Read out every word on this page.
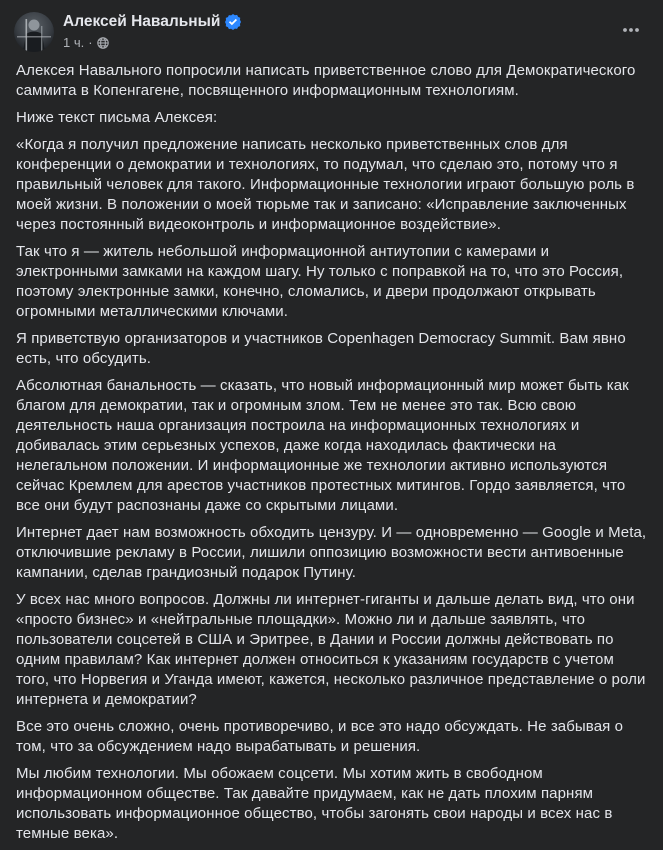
Алексей Навальный
1 ч. ·

Алексея Навального попросили написать приветственное слово для Демократического саммита в Копенгагене, посвященного информационным технологиям.

Ниже текст письма Алексея:

«Когда я получил предложение написать несколько приветственных слов для конференции о демократии и технологиях, то подумал, что сделаю это, потому что я правильный человек для такого. Информационные технологии играют большую роль в моей жизни. В положении о моей тюрьме так и записано: «Исправление заключенных через постоянный видеоконтроль и информационное воздействие».

Так что я — житель небольшой информационной антиутопии с камерами и электронными замками на каждом шагу. Ну только с поправкой на то, что это Россия, поэтому электронные замки, конечно, сломались, и двери продолжают открывать огромными металлическими ключами.

Я приветствую организаторов и участников Copenhagen Democracy Summit. Вам явно есть, что обсудить.

Абсолютная банальность — сказать, что новый информационный мир может быть как благом для демократии, так и огромным злом. Тем не менее это так. Всю свою деятельность наша организация построила на информационных технологиях и добивалась этим серьезных успехов, даже когда находилась фактически на нелегальном положении. И информационные же технологии активно используются сейчас Кремлем для арестов участников протестных митингов. Гордо заявляется, что все они будут распознаны даже со скрытыми лицами.

Интернет дает нам возможность обходить цензуру. И — одновременно — Google и Meta, отключившие рекламу в России, лишили оппозицию возможности вести антивоенные кампании, сделав грандиозный подарок Путину.

У всех нас много вопросов. Должны ли интернет-гиганты и дальше делать вид, что они «просто бизнес» и «нейтральные площадки». Можно ли и дальше заявлять, что пользователи соцсетей в США и Эритрее, в Дании и России должны действовать по одним правилам? Как интернет должен относиться к указаниям государств с учетом того, что Норвегия и Уганда имеют, кажется, несколько различное представление о роли интернета и демократии?

Все это очень сложно, очень противоречиво, и все это надо обсуждать. Не забывая о том, что за обсуждением надо вырабатывать и решения.

Мы любим технологии. Мы обожаем соцсети. Мы хотим жить в свободном информационном обществе. Так давайте придумаем, как не дать плохим парням использовать информационное общество, чтобы загонять свои народы и всех нас в темные века».
